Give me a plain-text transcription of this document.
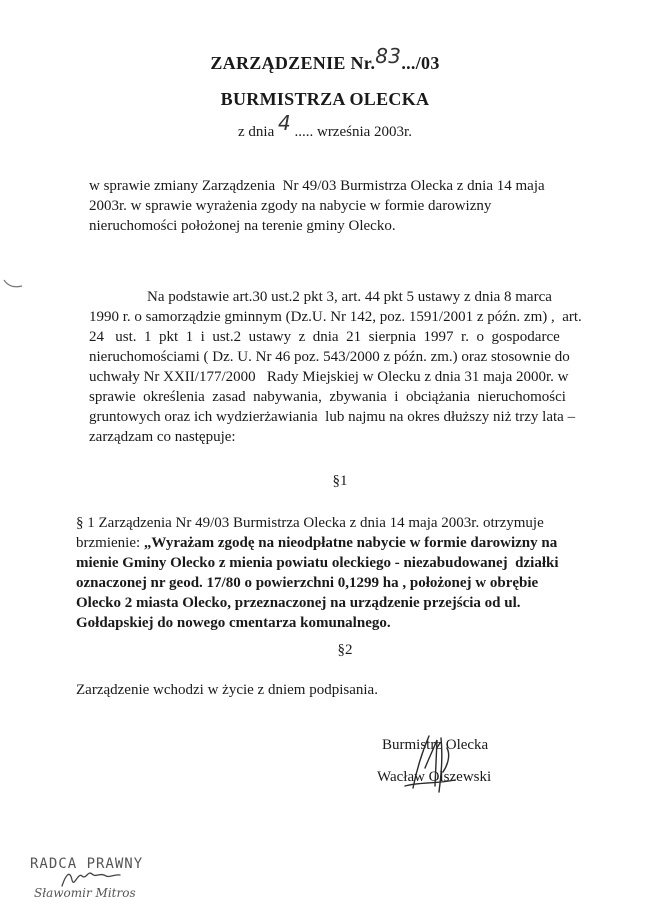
ZARZĄDZENIE Nr.83.../03
BURMISTRZA OLECKA
z dnia 4 ..... września 2003r.
w sprawie zmiany Zarządzenia  Nr 49/03 Burmistrza Olecka z dnia 14 maja
2003r. w sprawie wyrażenia zgody na nabycie w formie darowizny
nieruchomości położonej na terenie gminy Olecko.
Na podstawie art.30 ust.2 pkt 3, art. 44 pkt 5 ustawy z dnia 8 marca
1990 r. o samorządzie gminnym (Dz.U. Nr 142, poz. 1591/2001 z późn. zm) ,  art.
24   ust.  1  pkt  1  i  ust.2  ustawy  z  dnia  21  sierpnia  1997  r.  o  gospodarce
nieruchomościami ( Dz. U. Nr 46 poz. 543/2000 z późn. zm.) oraz stosownie do
uchwały Nr XXII/177/2000   Rady Miejskiej w Olecku z dnia 31 maja 2000r. w
sprawie  określenia  zasad  nabywania,  zbywania  i  obciążania  nieruchomości
gruntowych oraz ich wydzierżawiania  lub najmu na okres dłuższy niż trzy lata –
zarządzam co następuje:
§1
§ 1 Zarządzenia Nr 49/03 Burmistrza Olecka z dnia 14 maja 2003r. otrzymuje
brzmienie: „Wyrażam zgodę na nieodpłatne nabycie w formie darowizny na
mienie Gminy Olecko z mienia powiatu oleckiego - niezabudowanej  działki
oznaczonej nr geod. 17/80 o powierzchni 0,1299 ha , położonej w obrębie
Olecko 2 miasta Olecko, przeznaczonej na urządzenie przejścia od ul.
Gołdapskiej do nowego cmentarza komunalnego.
§2
Zarządzenie wchodzi w życie z dniem podpisania.
Burmistrz Olecka
Wacław Olszewski
RADCA PRAWNY
Sławomir Mitros
